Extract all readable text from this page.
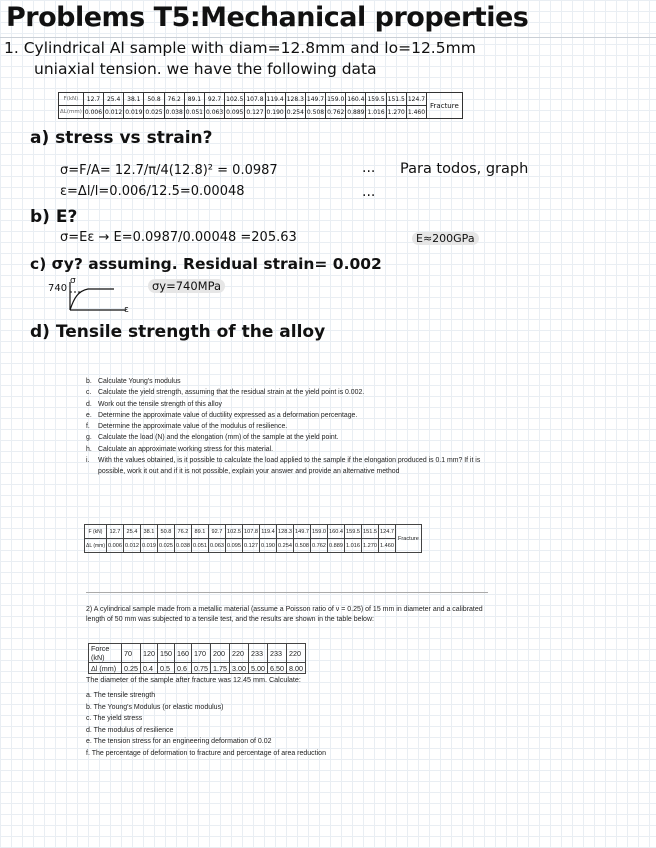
Problems T5:Mechanical properties
1. Cylindrical Al sample with diam=12.8mm and lo=12.5mm
uniaxial tension. we have the following data
F(kN)	12.7	25.4	38.1	50.8	76.2	89.1	92.7	102.5	107.8	119.4	128.3	149.7	159.0	160.4	159.5	151.5	124.7	Fracture
ΔL(mm)	0.006	0.012	0.019	0.025	0.038	0.051	0.063	0.095	0.127	0.190	0.254	0.508	0.762	0.889	1.016	1.270	1.460	
a) stress vs strain?
σ=F/A= 12.7/π/4(12.8)² = 0.0987
ε=Δl/l=0.006/12.5=0.00048
...
...
Para todos, graph
b) E?
σ=Eε → E=0.0987/0.00048 =205.63	E≈200GPa
c) σy? assuming. Residual strain= 0.002
σ
740	σy=740MPa
ε
d) Tensile strength of the alloy
b. Calculate Young's modulus
c. Calculate the yield strength, assuming that the residual strain at the yield point is 0.002.
d. Work out the tensile strength of this alloy
e. Determine the approximate value of ductility expressed as a deformation percentage.
f.	Determine the approximate value of the modulus of resilience.
g. Calculate the load (N) and the elongation (mm) of the sample at the yield point.
h. Calculate an approximate working stress for this material.
i.	With the values obtained, is it possible to calculate the load applied to the sample if the elongation produced is 0.1 mm? If it is possible, work it out and if it is not possible, explain your answer and provide an alternative method
F (kN)	12.7	25.4	38.1	50.8	76.2	89.1	92.7	102.5	107.8	119.4	128.3	149.7	159.0	160.4	159.5	151.5	124.7	Fracture
ΔL (mm)	0.006	0.012	0.019	0.025	0.038	0.051	0.063	0.095	0.127	0.190	0.254	0.508	0.762	0.889	1.016	1.270	1.460	
2) A cylindrical sample made from a metallic material (assume a Poisson ratio of ν = 0.25) of 15 mm in diameter and a calibrated length of 50 mm was subjected to a tensile test, and the results are shown in the table below:
Force (kN)	70	120	150	160	170	200	220	233	233	220
Δl (mm)	0.25	0.4	0.5	0.6	0.75	1.75	3.00	5.00	6.50	8.00
The diameter of the sample after fracture was 12.45 mm. Calculate:
a. The tensile strength
b. The Young's Modulus (or elastic modulus)
c. The yield stress
d. The modulus of resilience
e. The tension stress for an engineering deformation of 0.02
f. The percentage of deformation to fracture and percentage of area reduction
